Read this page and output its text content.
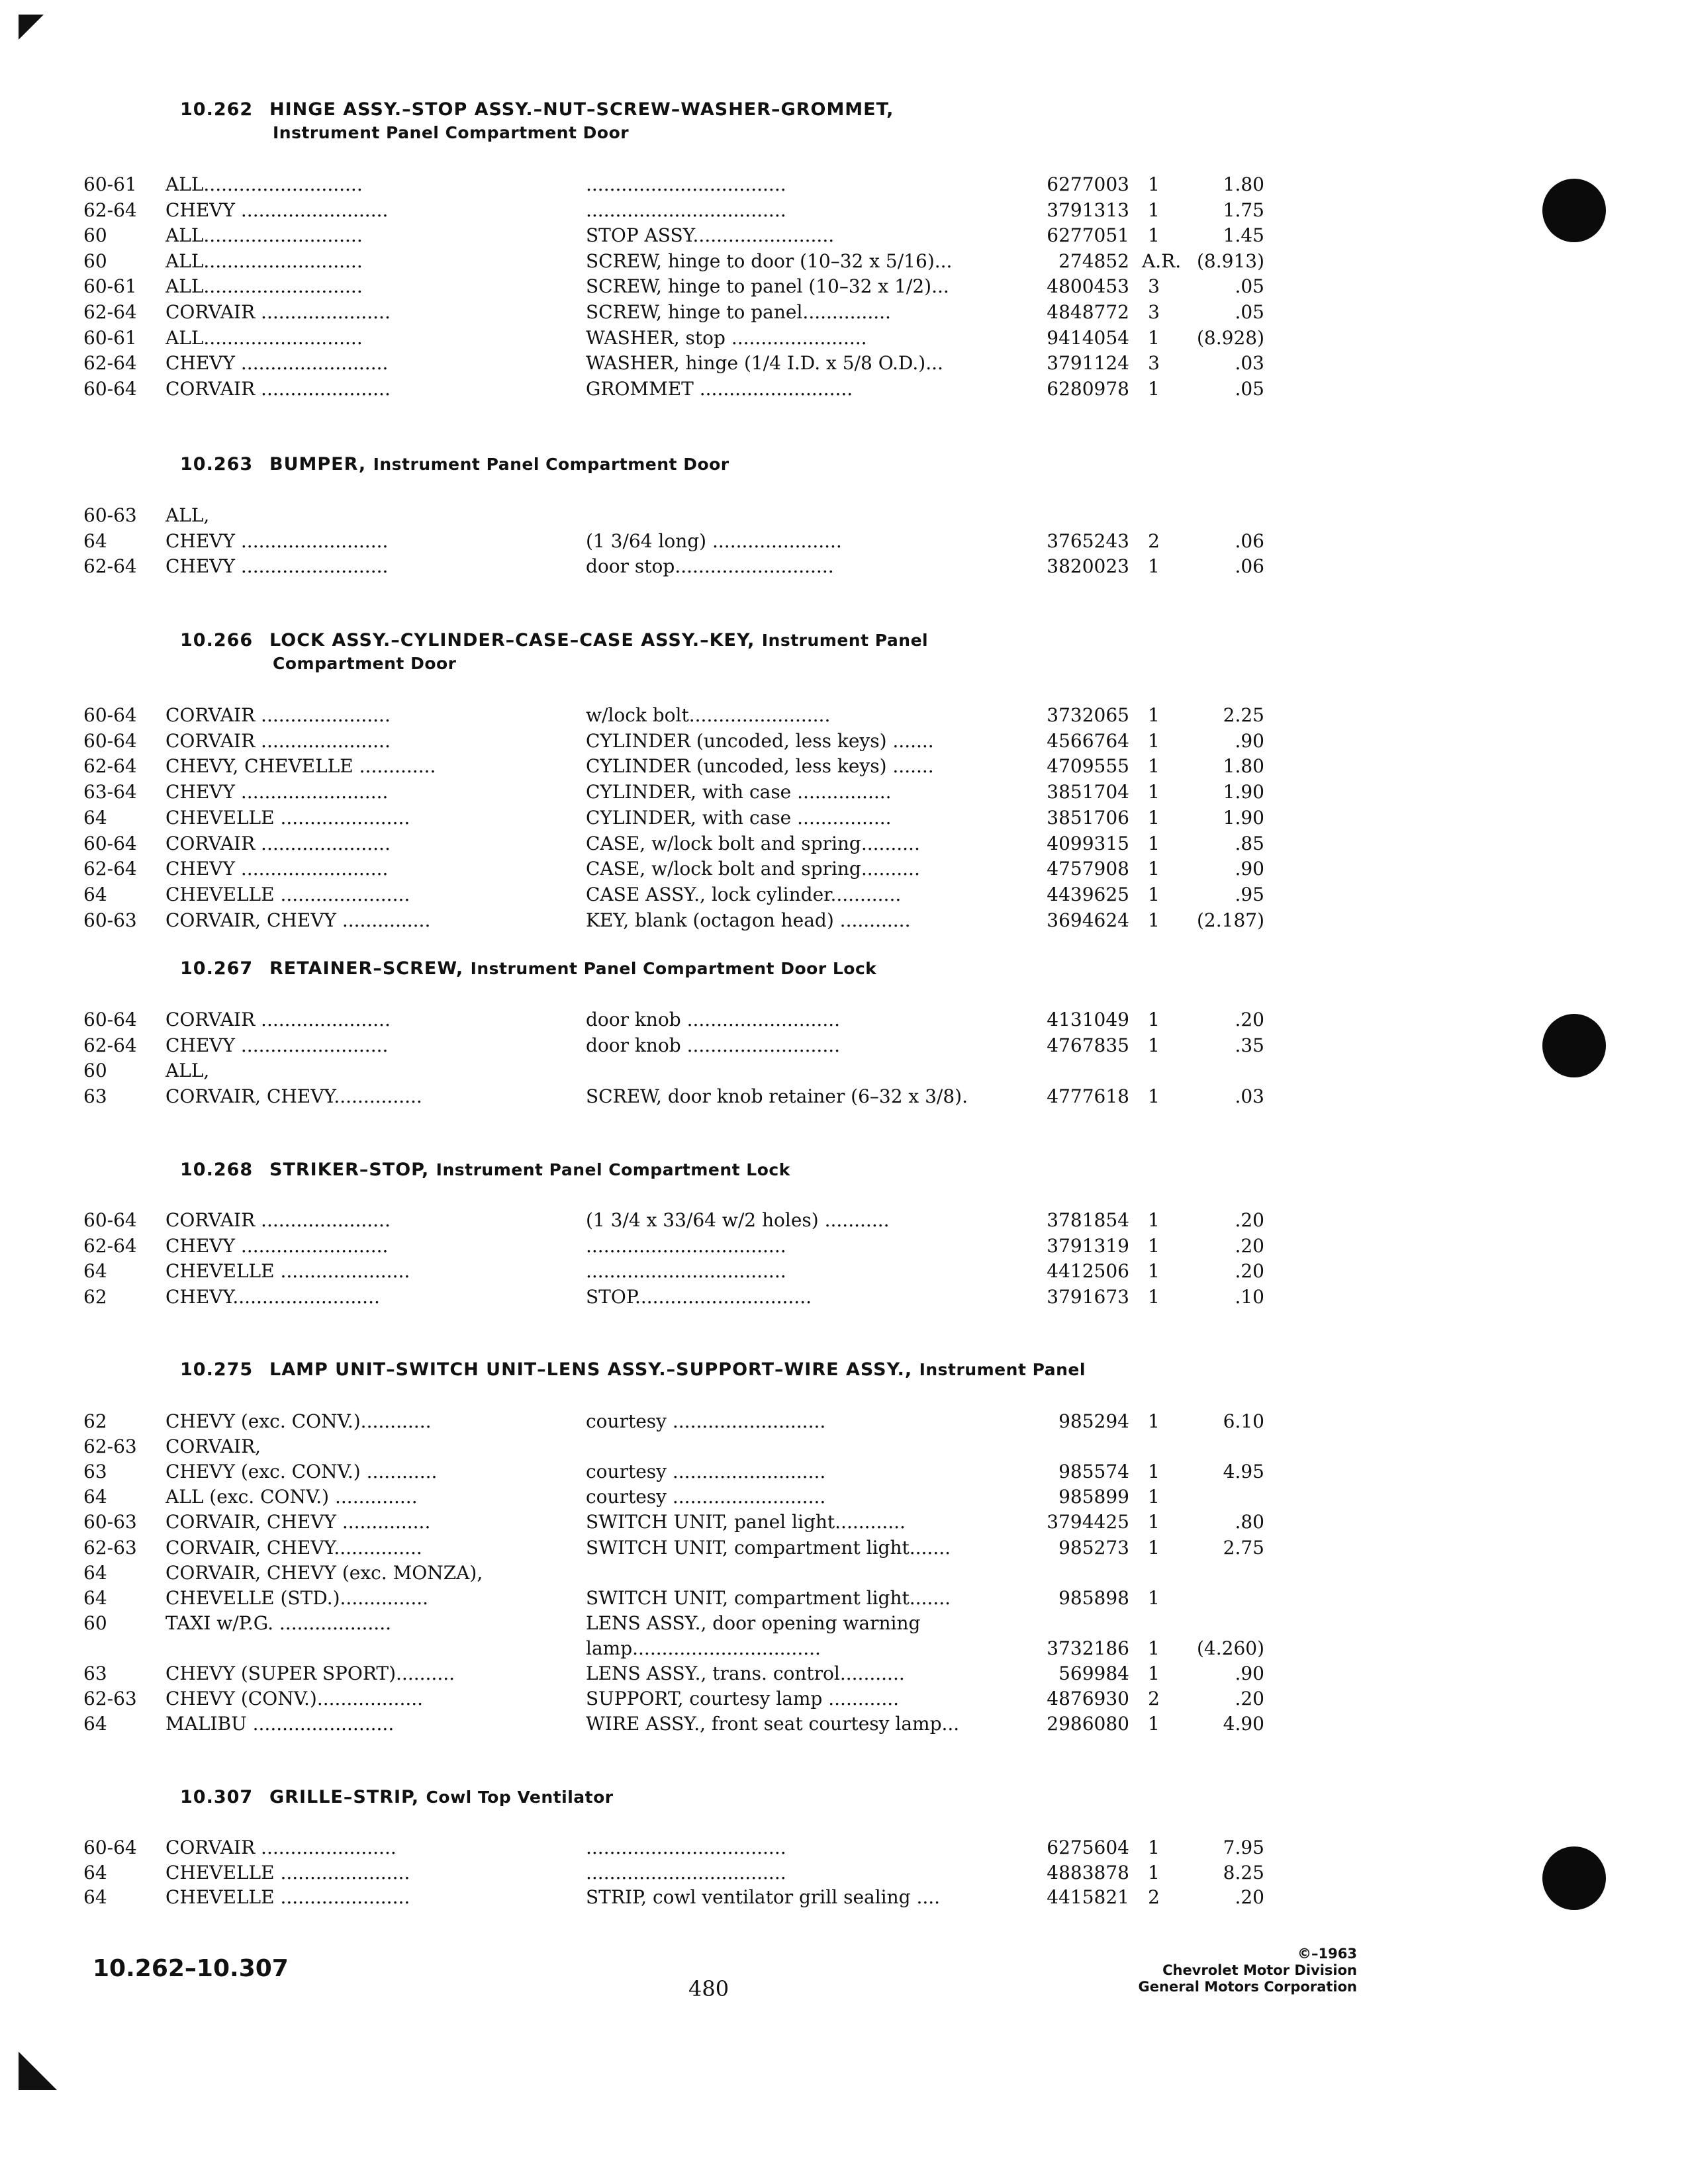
10.262 HINGE ASSY.–STOP ASSY.–NUT–SCREW–WASHER–GROMMET,
Instrument Panel Compartment Door
60-61	ALL...........................	..................................	6277003	1	1.80
62-64	CHEVY .........................	..................................	3791313	1	1.75
60	ALL...........................	STOP ASSY........................	6277051	1	1.45
60	ALL...........................	SCREW, hinge to door (10–32 x 5/16)...	274852 A.R. (8.913)
60-61	ALL...........................	SCREW, hinge to panel (10–32 x 1/2)...	4800453	3	.05
62-64	CORVAIR ......................	SCREW, hinge to panel...............	4848772	3	.05
60-61	ALL...........................	WASHER, stop .......................	9414054	1	(8.928)
62-64	CHEVY .........................	WASHER, hinge (1/4 I.D. x 5/8 O.D.)...	3791124	3	.03
60-64	CORVAIR ......................	GROMMET ..........................	6280978	1	.05
10.263 BUMPER, Instrument Panel Compartment Door
60-63	ALL,
64	CHEVY .........................	(1 3/64 long) ......................	3765243	2	.06
62-64	CHEVY .........................	door stop...........................	3820023	1	.06
10.266 LOCK ASSY.–CYLINDER–CASE–CASE ASSY.–KEY, Instrument Panel
Compartment Door
60-64	CORVAIR ......................	w/lock bolt........................	3732065	1	2.25
60-64	CORVAIR ......................	CYLINDER (uncoded, less keys) .......	4566764	1	.90
62-64	CHEVY, CHEVELLE .............	CYLINDER (uncoded, less keys) .......	4709555	1	1.80
63-64	CHEVY .........................	CYLINDER, with case ................	3851704	1	1.90
64	CHEVELLE ......................	CYLINDER, with case ................	3851706	1	1.90
60-64	CORVAIR ......................	CASE, w/lock bolt and spring..........	4099315	1	.85
62-64	CHEVY .........................	CASE, w/lock bolt and spring..........	4757908	1	.90
64	CHEVELLE ......................	CASE ASSY., lock cylinder............	4439625	1	.95
60-63	CORVAIR, CHEVY ...............	KEY, blank (octagon head) ............	3694624	1	(2.187)
10.267 RETAINER–SCREW, Instrument Panel Compartment Door Lock
60-64	CORVAIR ......................	door knob ..........................	4131049	1	.20
62-64	CHEVY .........................	door knob ..........................	4767835	1	.35
60	ALL,
63	CORVAIR, CHEVY...............	SCREW, door knob retainer (6–32 x 3/8).	4777618	1	.03
10.268 STRIKER–STOP, Instrument Panel Compartment Lock
60-64	CORVAIR ......................	(1 3/4 x 33/64 w/2 holes) ...........	3781854	1	.20
62-64	CHEVY .........................	..................................	3791319	1	.20
64	CHEVELLE ......................	..................................	4412506	1	.20
62	CHEVY.........................	STOP..............................	3791673	1	.10
10.275 LAMP UNIT–SWITCH UNIT–LENS ASSY.–SUPPORT–WIRE ASSY., Instrument Panel
62	CHEVY (exc. CONV.)............	courtesy ..........................	985294	1	6.10
62-63	CORVAIR,
63	CHEVY (exc. CONV.) ............	courtesy ..........................	985574	1	4.95
64	ALL (exc. CONV.) ..............	courtesy ..........................	985899	1
60-63	CORVAIR, CHEVY ...............	SWITCH UNIT, panel light............	3794425	1	.80
62-63	CORVAIR, CHEVY...............	SWITCH UNIT, compartment light.......	985273	1	2.75
64	CORVAIR, CHEVY (exc. MONZA),
64	CHEVELLE (STD.)...............	SWITCH UNIT, compartment light.......	985898	1
60	TAXI w/P.G. ...................	LENS ASSY., door opening warning
lamp................................	3732186	1	(4.260)
63	CHEVY (SUPER SPORT)..........	LENS ASSY., trans. control...........	569984	1	.90
62-63	CHEVY (CONV.)..................	SUPPORT, courtesy lamp ............	4876930	2	.20
64	MALIBU ........................	WIRE ASSY., front seat courtesy lamp...	2986080	1	4.90
10.307 GRILLE–STRIP, Cowl Top Ventilator
60-64	CORVAIR .......................	..................................	6275604	1	7.95
64	CHEVELLE ......................	..................................	4883878	1	8.25
64	CHEVELLE ......................	STRIP, cowl ventilator grill sealing ....	4415821	2	.20
10.262–10.307
480
©–1963
Chevrolet Motor Division
General Motors Corporation
